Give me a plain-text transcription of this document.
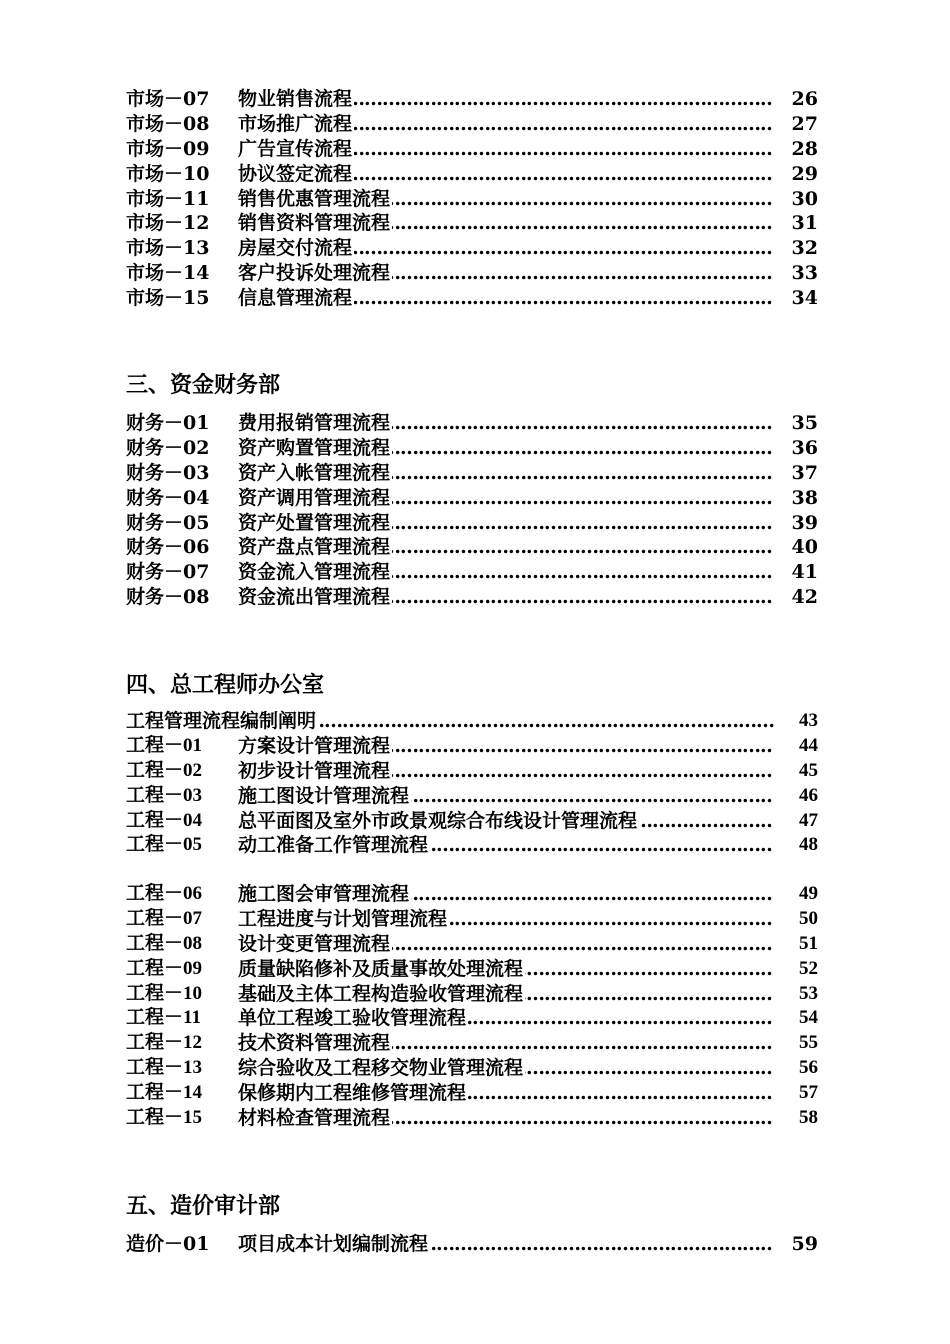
市场－07 物业销售流程 ……………………………………………………………………………………………………………………………………………………	26
市场－08 市场推广流程 ……………………………………………………………………………………………………………………………………………………	27
市场－09 广告宣传流程 ……………………………………………………………………………………………………………………………………………………	28
市场－10 协议签定流程 ……………………………………………………………………………………………………………………………………………………	29
市场－11 销售优惠管理流程 ……………………………………………………………………………………………………………………………………………………	30
市场－12 销售资料管理流程 ……………………………………………………………………………………………………………………………………………………	31
市场－13 房屋交付流程 ……………………………………………………………………………………………………………………………………………………	32
市场－14 客户投诉处理流程 ……………………………………………………………………………………………………………………………………………………	33
市场－15 信息管理流程 ……………………………………………………………………………………………………………………………………………………	34
三、资金财务部
财务－01 费用报销管理流程 ……………………………………………………………………………………………………………………………………………………	35
财务－02 资产购置管理流程 ……………………………………………………………………………………………………………………………………………………	36
财务－03 资产入帐管理流程 ……………………………………………………………………………………………………………………………………………………	37
财务－04 资产调用管理流程 ……………………………………………………………………………………………………………………………………………………	38
财务－05 资产处置管理流程 ……………………………………………………………………………………………………………………………………………………	39
财务－06 资产盘点管理流程 ……………………………………………………………………………………………………………………………………………………	40
财务－07 资金流入管理流程 ……………………………………………………………………………………………………………………………………………………	41
财务－08 资金流出管理流程 ……………………………………………………………………………………………………………………………………………………	42
四、总工程师办公室
工程管理流程编制阐明 ……………………………………………………………………………………………………………………………………………………	43
工程－01 方案设计管理流程 ……………………………………………………………………………………………………………………………………………………	44
工程－02 初步设计管理流程 ……………………………………………………………………………………………………………………………………………………	45
工程－03 施工图设计管理流程 ……………………………………………………………………………………………………………………………………………………	46
工程－04 总平面图及室外市政景观综合布线设计管理流程 ……………………………………………………………………………………………………………………………………………………	47
工程－05 动工准备工作管理流程 ……………………………………………………………………………………………………………………………………………………	48
工程－06 施工图会审管理流程 ……………………………………………………………………………………………………………………………………………………	49
工程－07 工程进度与计划管理流程 ……………………………………………………………………………………………………………………………………………………	50
工程－08 设计变更管理流程 ……………………………………………………………………………………………………………………………………………………	51
工程－09 质量缺陷修补及质量事故处理流程 ……………………………………………………………………………………………………………………………………………………	52
工程－10 基础及主体工程构造验收管理流程 ……………………………………………………………………………………………………………………………………………………	53
工程－11 单位工程竣工验收管理流程 ……………………………………………………………………………………………………………………………………………………	54
工程－12 技术资料管理流程 ……………………………………………………………………………………………………………………………………………………	55
工程－13 综合验收及工程移交物业管理流程 ……………………………………………………………………………………………………………………………………………………	56
工程－14 保修期内工程维修管理流程 ……………………………………………………………………………………………………………………………………………………	57
工程－15 材料检查管理流程 ……………………………………………………………………………………………………………………………………………………	58
五、造价审计部
造价－01 项目成本计划编制流程 ……………………………………………………………………………………………………………………………………………………	59
